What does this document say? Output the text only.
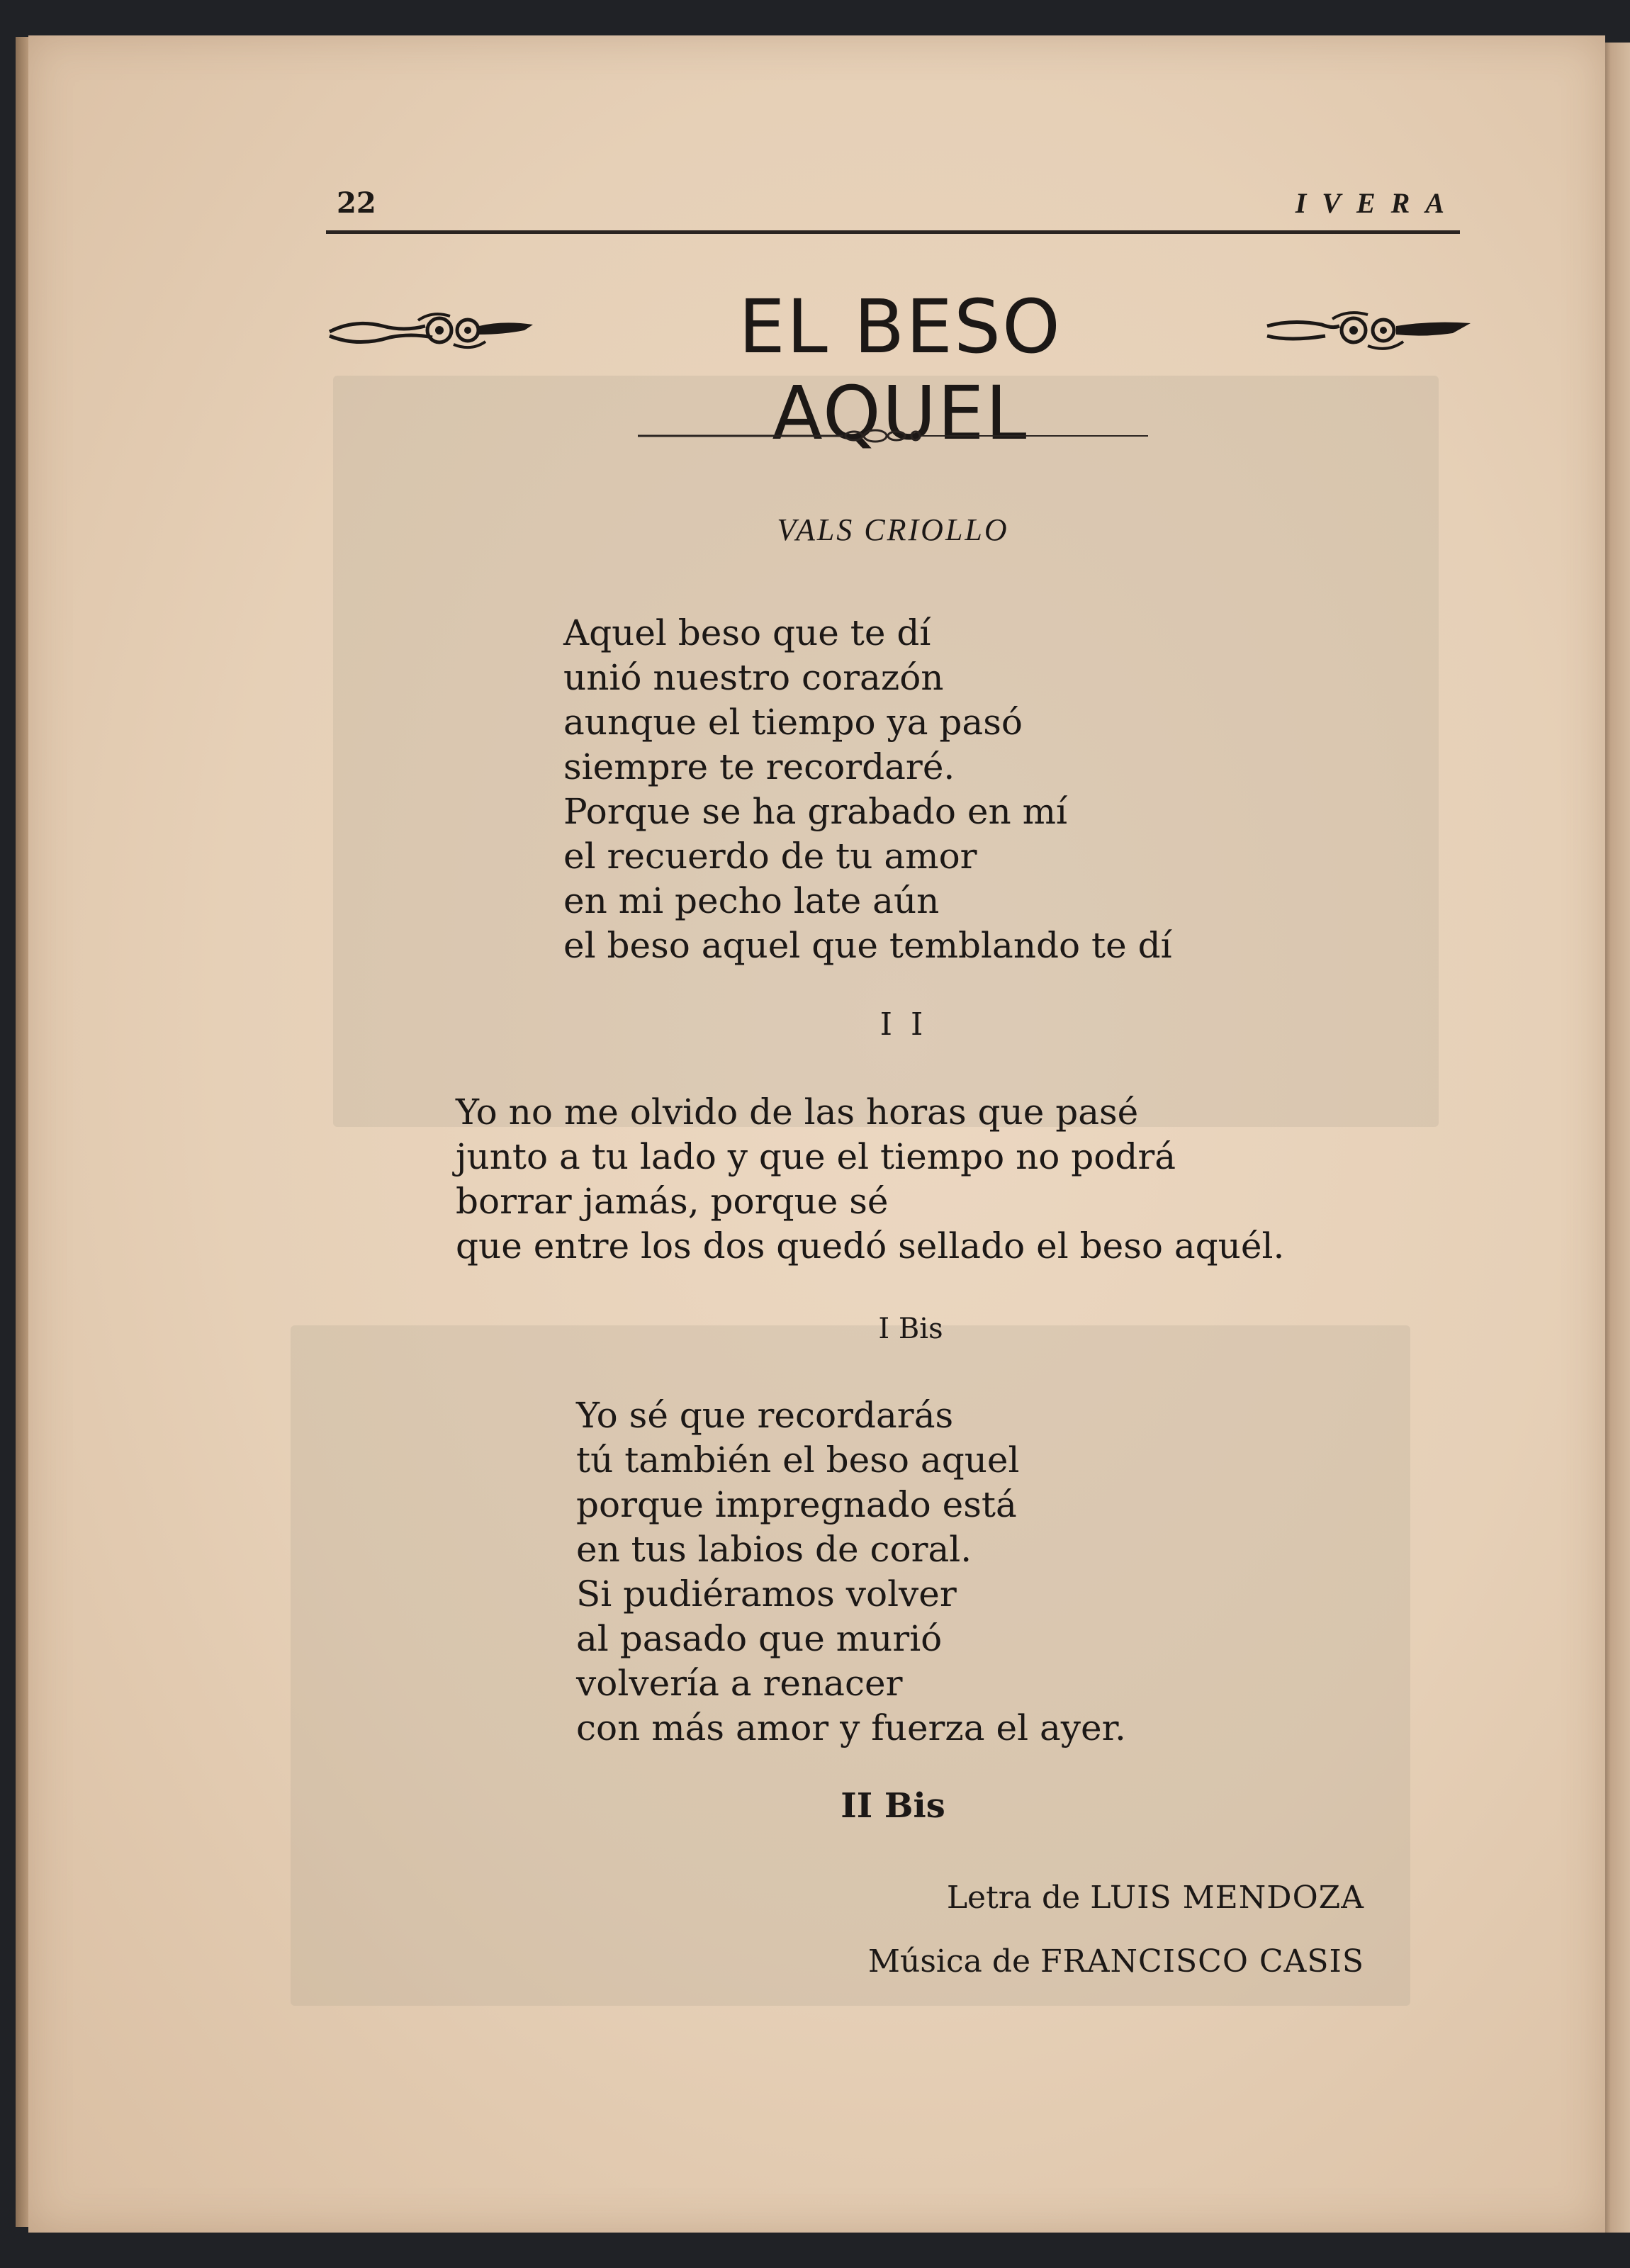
22	IVERA
EL BESO AQUEL
VALS CRIOLLO
Aquel beso que te dí
unió nuestro corazón
aunque el tiempo ya pasó
siempre te recordaré.
Porque se ha grabado en mí
el recuerdo de tu amor
en mi pecho late aún
el beso aquel que temblando te dí
I I
Yo no me olvido de las horas que pasé
junto a tu lado y que el tiempo no podrá
borrar jamás, porque sé
que entre los dos quedó sellado el beso aquél.
I Bis
Yo sé que recordarás
tú también el beso aquel
porque impregnado está
en tus labios de coral.
Si pudiéramos volver
al pasado que murió
volvería a renacer
con más amor y fuerza el ayer.
II Bis
Letra de LUIS MENDOZA
Música de FRANCISCO CASIS
